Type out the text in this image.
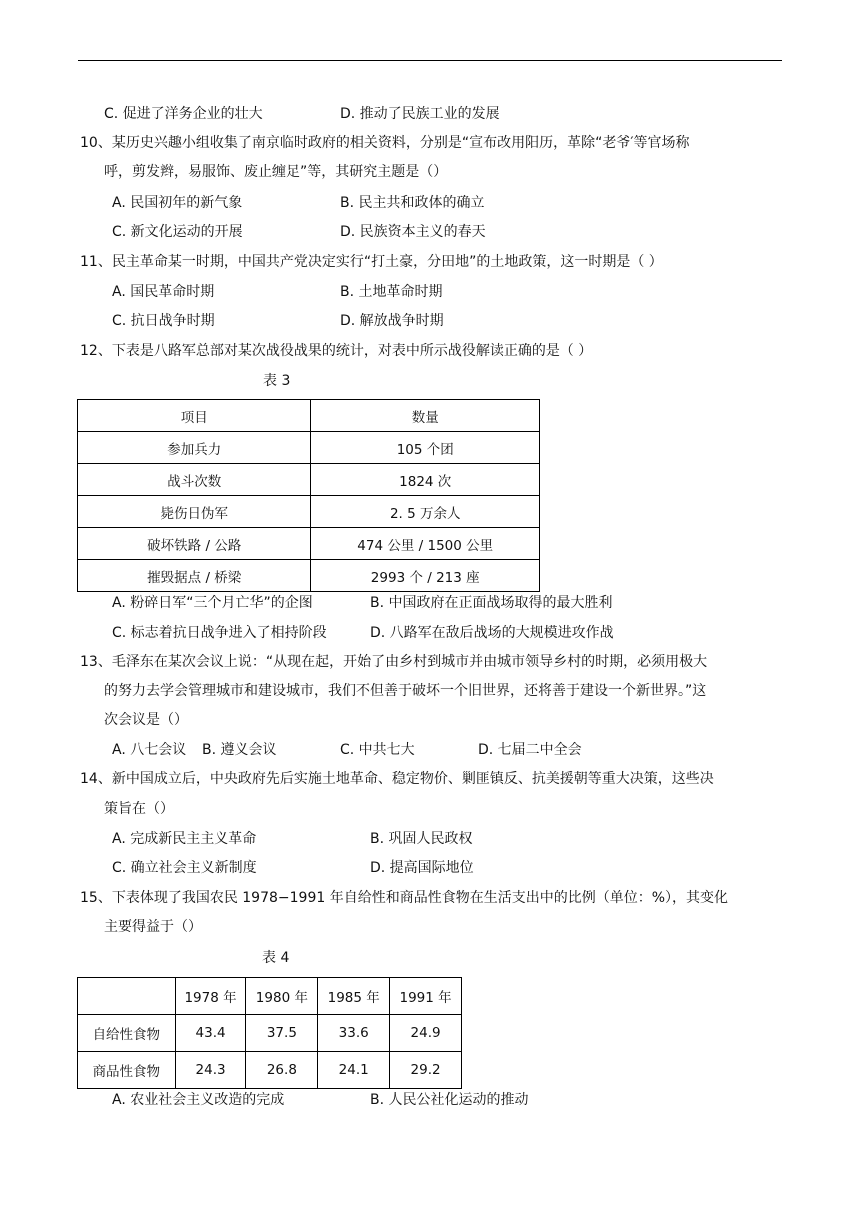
C. 促进了洋务企业的壮大	D. 推动了民族工业的发展
10、某历史兴趣小组收集了南京临时政府的相关资料，分别是“宣布改用阳历，革除“老爷′等官场称
呼，剪发辫，易服饰、废止缠足”等，其研究主题是（）
A. 民国初年的新气象	B. 民主共和政体的确立
C. 新文化运动的开展	D. 民族资本主义的春天
11、民主革命某一时期，中国共产党决定实行“打土豪，分田地”的土地政策，这一时期是（ ）
A. 国民革命时期	B. 土地革命时期
C. 抗日战争时期	D. 解放战争时期
12、下表是八路军总部对某次战役战果的统计，对表中所示战役解读正确的是（ ）
表 3
项目	数量
参加兵力	105 个团
战斗次数	1824 次
毙伤日伪军	2. 5 万余人
破坏铁路 / 公路	474 公里 / 1500 公里
摧毁据点 / 桥梁	2993 个 / 213 座
A. 粉碎日军“三个月亡华”的企图	B. 中国政府在正面战场取得的最大胜利
C. 标志着抗日战争进入了相持阶段	D. 八路军在敌后战场的大规模进攻作战
13、毛泽东在某次会议上说：“从现在起，开始了由乡村到城市并由城市领导乡村的时期，必须用极大
的努力去学会管理城市和建设城市，我们不但善于破坏一个旧世界，还将善于建设一个新世界。”这
次会议是（）
A. 八七会议 B. 遵义会议	C. 中共七大	D. 七届二中全会
14、新中国成立后，中央政府先后实施土地革命、稳定物价、剿匪镇反、抗美援朝等重大决策，这些决
策旨在（）
A. 完成新民主主义革命	B. 巩固人民政权
C. 确立社会主义新制度	D. 提高国际地位
15、下表体现了我国农民 1978−1991 年自给性和商品性食物在生活支出中的比例（单位：%），其变化
主要得益于（）
表 4
	1978 年	1980 年	1985 年	1991 年
自给性食物	43.4	37.5	33.6	24.9
商品性食物	24.3	26.8	24.1	29.2
A. 农业社会主义改造的完成	B. 人民公社化运动的推动
